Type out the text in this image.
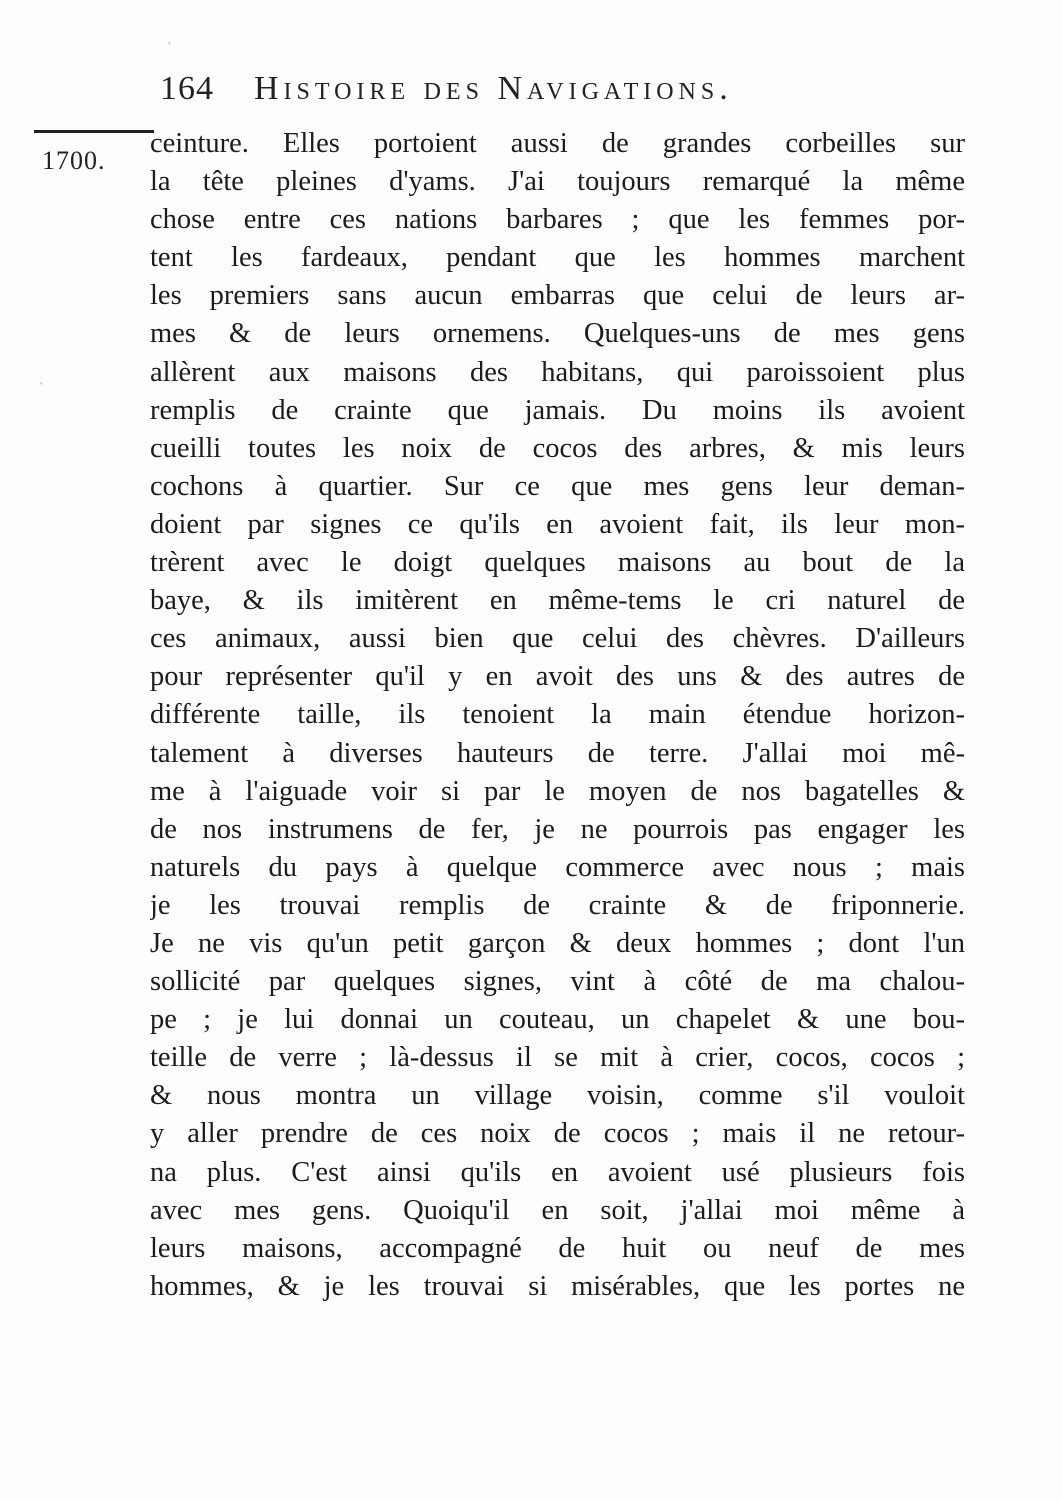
164 Histoire des Navigations.
1700.
'
'
ceinture. Elles portoient aussi de grandes corbeilles sur
la tête pleines d'yams. J'ai toujours remarqué la même
chose entre ces nations barbares ; que les femmes por-
tent les fardeaux, pendant que les hommes marchent
les premiers sans aucun embarras que celui de leurs ar-
mes & de leurs ornemens. Quelques-uns de mes gens
allèrent aux maisons des habitans, qui paroissoient plus
remplis de crainte que jamais. Du moins ils avoient
cueilli toutes les noix de cocos des arbres, & mis leurs
cochons à quartier. Sur ce que mes gens leur deman-
doient par signes ce qu'ils en avoient fait, ils leur mon-
trèrent avec le doigt quelques maisons au bout de la
baye, & ils imitèrent en même-tems le cri naturel de
ces animaux, aussi bien que celui des chèvres. D'ailleurs
pour représenter qu'il y en avoit des uns & des autres de
différente taille, ils tenoient la main étendue horizon-
talement à diverses hauteurs de terre. J'allai moi mê-
me à l'aiguade voir si par le moyen de nos bagatelles &
de nos instrumens de fer, je ne pourrois pas engager les
naturels du pays à quelque commerce avec nous ; mais
je les trouvai remplis de crainte & de friponnerie.
Je ne vis qu'un petit garçon & deux hommes ; dont l'un
sollicité par quelques signes, vint à côté de ma chalou-
pe ; je lui donnai un couteau, un chapelet & une bou-
teille de verre ; là-dessus il se mit à crier, cocos, cocos ;
& nous montra un village voisin, comme s'il vouloit
y aller prendre de ces noix de cocos ; mais il ne retour-
na plus. C'est ainsi qu'ils en avoient usé plusieurs fois
avec mes gens. Quoiqu'il en soit, j'allai moi même à
leurs maisons, accompagné de huit ou neuf de mes
hommes, & je les trouvai si misérables, que les portes ne
